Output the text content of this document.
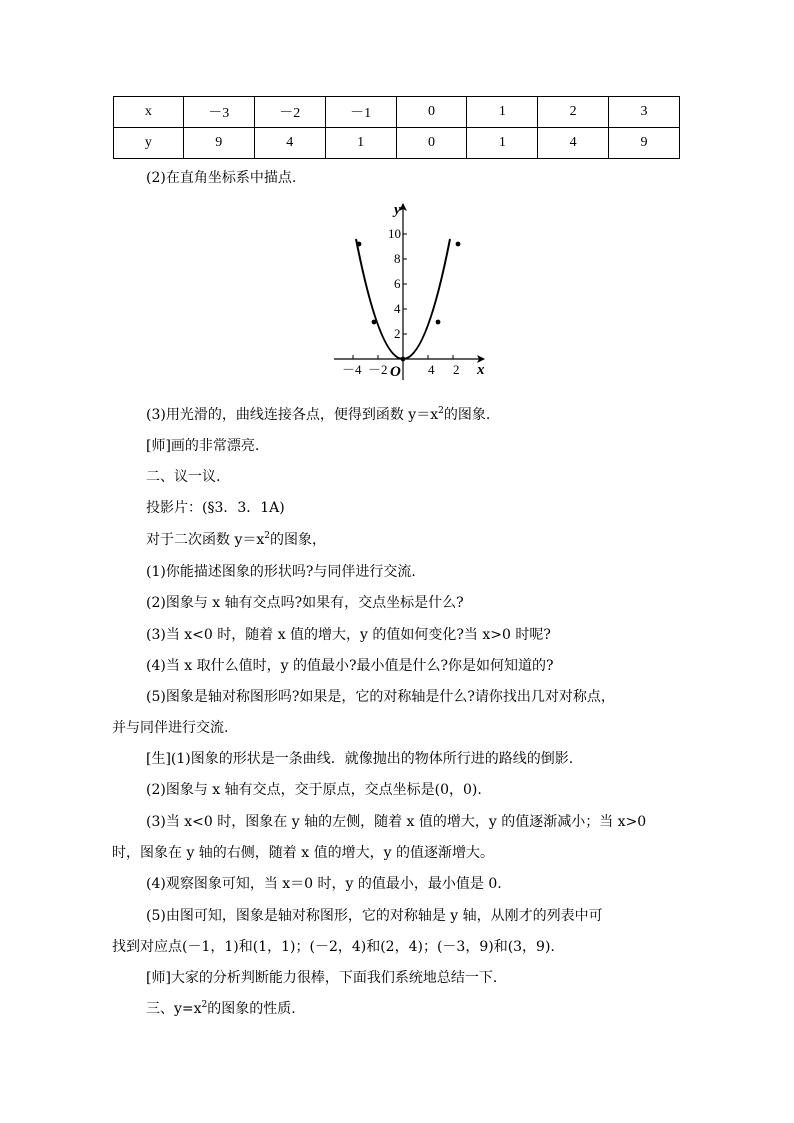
x	－3	－2	－1	0	1	2	3
y	9	4	1	0	1	4	9
(2)在直角坐标系中描点.
y
x
O
10
8
6
4
2
－4 －2	4 2
(3)用光滑的，曲线连接各点，便得到函数 $y=x^2$的图象.
[师]画的非常漂亮.
二、议一议.
投影片：(§3．3．1A)
对于二次函数 $y=x^2$的图象，
(1)你能描述图象的形状吗?与同伴进行交流.
(2)图象与 x 轴有交点吗?如果有，交点坐标是什么?
(3)当 x<0 时，随着 x 值的增大，y 的值如何变化?当 x>0 时呢?
(4)当 x 取什么值时，y 的值最小?最小值是什么?你是如何知道的?
(5)图象是轴对称图形吗?如果是，它的对称轴是什么?请你找出几对对称点，
并与同伴进行交流.
[生](1)图象的形状是一条曲线．就像抛出的物体所行进的路线的倒影.
(2)图象与 x 轴有交点，交于原点，交点坐标是(0，0).
(3)当 x<0 时，图象在 y 轴的左侧，随着 x 值的增大，y 的值逐渐减小；当 x>0
时，图象在 y 轴的右侧，随着 x 值的增大，y 的值逐渐增大。
(4)观察图象可知，当 x＝0 时，y 的值最小，最小值是 0.
(5)由图可知，图象是轴对称图形，它的对称轴是 y 轴，从刚才的列表中可
找到对应点(－1，1)和(1，1)；(－2，4)和(2，4)；(－3，9)和(3，9).
[师]大家的分析判断能力很棒，下面我们系统地总结一下.
三、$y=x^2$的图象的性质.
